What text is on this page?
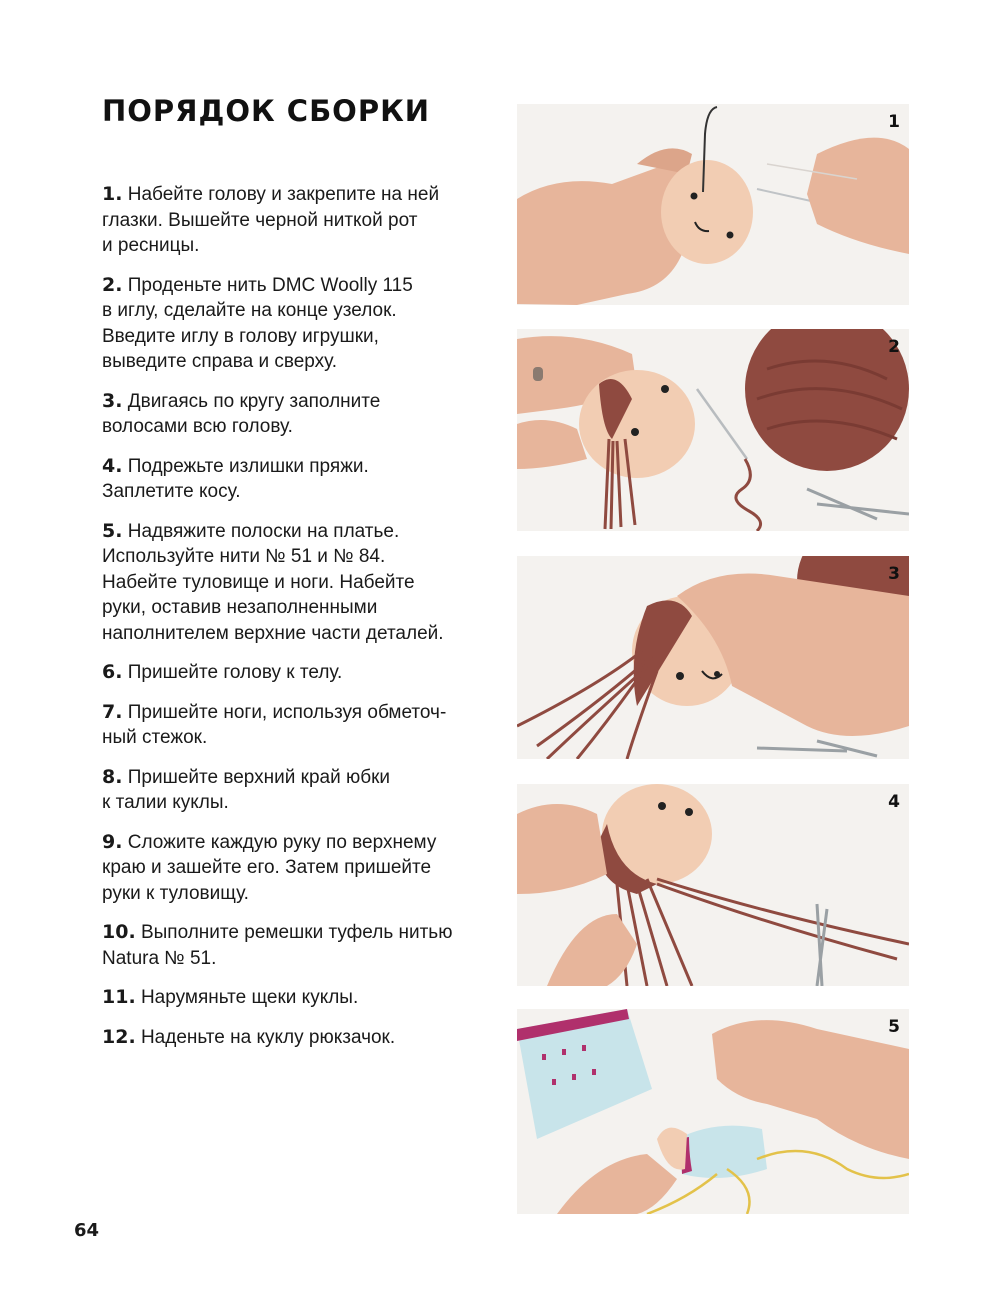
ПОРЯДОК СБОРКИ

1. Набейте голову и закрепите на ней
глазки. Вышейте черной ниткой рот
и ресницы.

2. Проденьте нить DMC Woolly 115
в иглу, сделайте на конце узелок.
Введите иглу в голову игрушки,
выведите справа и сверху.

3. Двигаясь по кругу заполните
волосами всю голову.

4. Подрежьте излишки пряжи.
Заплетите косу.

5. Надвяжите полоски на платье.
Используйте нити № 51 и № 84.
Набейте туловище и ноги. Набейте
руки, оставив незаполненными
наполнителем верхние части деталей.

6. Пришейте голову к телу.

7. Пришейте ноги, используя обметоч-
ный стежок.

8. Пришейте верхний край юбки
к талии куклы.

9. Сложите каждую руку по верхнему
краю и зашейте его. Затем пришейте
руки к туловищу.

10. Выполните ремешки туфель нитью
Natura № 51.

11. Нарумяньте щеки куклы.

12. Наденьте на куклу рюкзачок.

1
2
3
4
5
64
